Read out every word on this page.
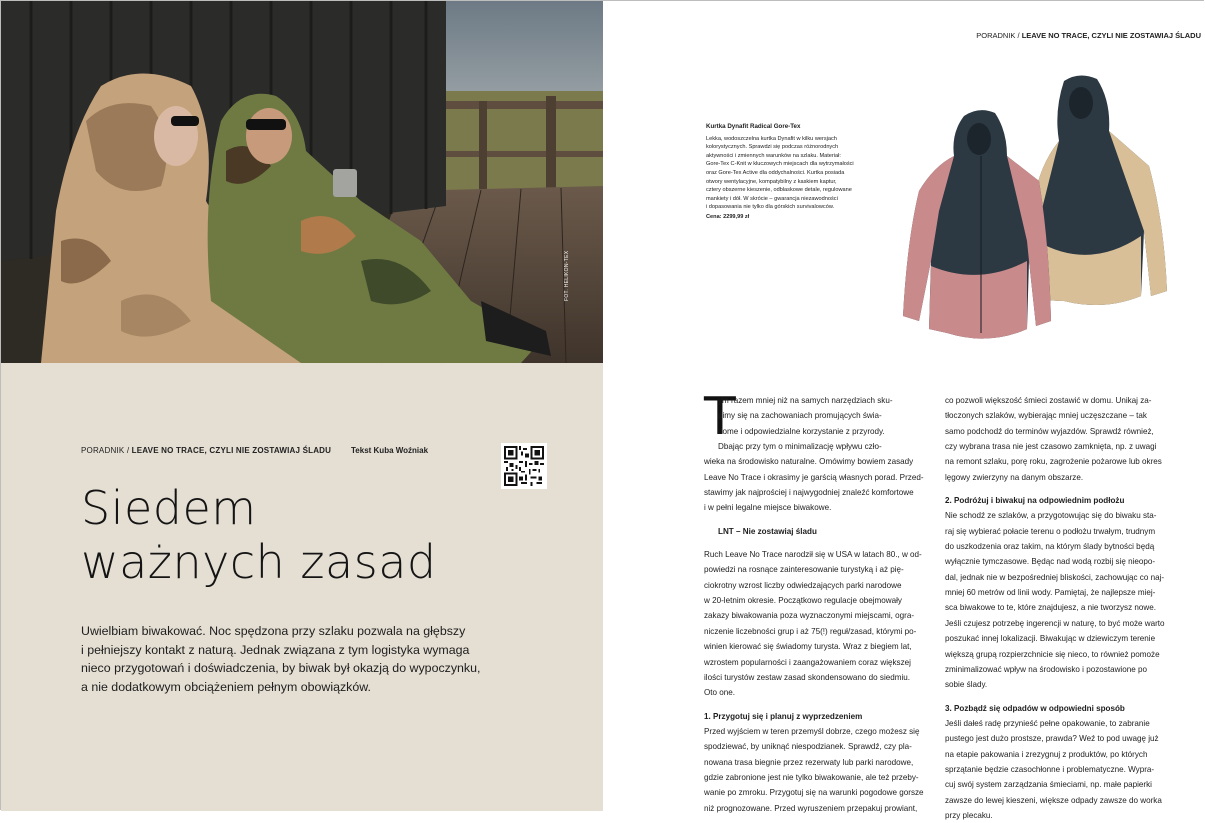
FOT. HELIKON-TEX
PORADNIK / LEAVE NO TRACE, CZYLI NIE ZOSTAWIAJ ŚLADU Tekst Kuba Woźniak
Siedem
ważnych zasad

Uwielbiam biwakować. Noc spędzona przy szlaku pozwala na głębszy
i pełniejszy kontakt z naturą. Jednak związana z tym logistyka wymaga
nieco przygotowań i doświadczenia, by biwak był okazją do wypoczynku,
a nie dodatkowym obciążeniem pełnym obowiązków.

PORADNIK / LEAVE NO TRACE, CZYLI NIE ZOSTAWIAJ ŚLADU
Kurtka Dynafit Radical Gore-Tex
Lekka, wodoszczelna kurtka Dynafit w kilku wersjach
kolorystycznych. Sprawdzi się podczas różnorodnych
aktywności i zmiennych warunków na szlaku. Materiał:
Gore-Tex C-Knit w kluczowych miejscach dla wytrzymałości
oraz Gore-Tex Active dla oddychalności. Kurtka posiada
otwory wentylacyjne, kompatybilny z kaskiem kaptur,
cztery obszerne kieszenie, odblaskowe detale, regulowane
mankiety i dół. W skrócie – gwarancja niezawodności
i dopasowania nie tylko dla górskich survivalowców.
Cena: 2299,99 zł
T
ym razem mniej niż na samych narzędziach sku-
pimy się na zachowaniach promujących świa-
dome i odpowiedzialne korzystanie z przyrody.
Dbając przy tym o minimalizację wpływu czło-
wieka na środowisko naturalne. Omówimy bowiem zasady
Leave No Trace i okrasimy je garścią własnych porad. Przed-
stawimy jak najprościej i najwygodniej znaleźć komfortowe
i w pełni legalne miejsce biwakowe.
LNT – Nie zostawiaj śladu
Ruch Leave No Trace narodził się w USA w latach 80., w od-
powiedzi na rosnące zainteresowanie turystyką i aż pię-
ciokrotny wzrost liczby odwiedzających parki narodowe
w 20-letnim okresie. Początkowo regulacje obejmowały
zakazy biwakowania poza wyznaczonymi miejscami, ogra-
niczenie liczebności grup i aż 75(!) reguł/zasad, którymi po-
winien kierować się świadomy turysta. Wraz z biegiem lat,
wzrostem popularności i zaangażowaniem coraz większej
ilości turystów zestaw zasad skondensowano do siedmiu.
Oto one.
1. Przygotuj się i planuj z wyprzedzeniem
Przed wyjściem w teren przemyśl dobrze, czego możesz się
spodziewać, by uniknąć niespodzianek. Sprawdź, czy pla-
nowana trasa biegnie przez rezerwaty lub parki narodowe,
gdzie zabronione jest nie tylko biwakowanie, ale też przeby-
wanie po zmroku. Przygotuj się na warunki pogodowe gorsze
niż prognozowane. Przed wyruszeniem przepakuj prowiant,
co pozwoli większość śmieci zostawić w domu. Unikaj za-
tłoczonych szlaków, wybierając mniej uczęszczane – tak
samo podchodź do terminów wyjazdów. Sprawdź również,
czy wybrana trasa nie jest czasowo zamknięta, np. z uwagi
na remont szlaku, porę roku, zagrożenie pożarowe lub okres
lęgowy zwierzyny na danym obszarze.
2. Podróżuj i biwakuj na odpowiednim podłożu
Nie schodź ze szlaków, a przygotowując się do biwaku sta-
raj się wybierać połacie terenu o podłożu trwałym, trudnym
do uszkodzenia oraz takim, na którym ślady bytności będą
wyłącznie tymczasowe. Będąc nad wodą rozbij się nieopo-
dal, jednak nie w bezpośredniej bliskości, zachowując co naj-
mniej 60 metrów od linii wody. Pamiętaj, że najlepsze miej-
sca biwakowe to te, które znajdujesz, a nie tworzysz nowe.
Jeśli czujesz potrzebę ingerencji w naturę, to być może warto
poszukać innej lokalizacji. Biwakując w dziewiczym terenie
większą grupą rozpierzchnicie się nieco, to również pomoże
zminimalizować wpływ na środowisko i pozostawione po
sobie ślady.
3. Pozbądź się odpadów w odpowiedni sposób
Jeśli dałeś radę przynieść pełne opakowanie, to zabranie
pustego jest dużo prostsze, prawda? Weź to pod uwagę już
na etapie pakowania i zrezygnuj z produktów, po których
sprzątanie będzie czasochłonne i problematyczne. Wypra-
cuj swój system zarządzania śmieciami, np. małe papierki
zawsze do lewej kieszeni, większe odpady zawsze do worka
przy plecaku.
